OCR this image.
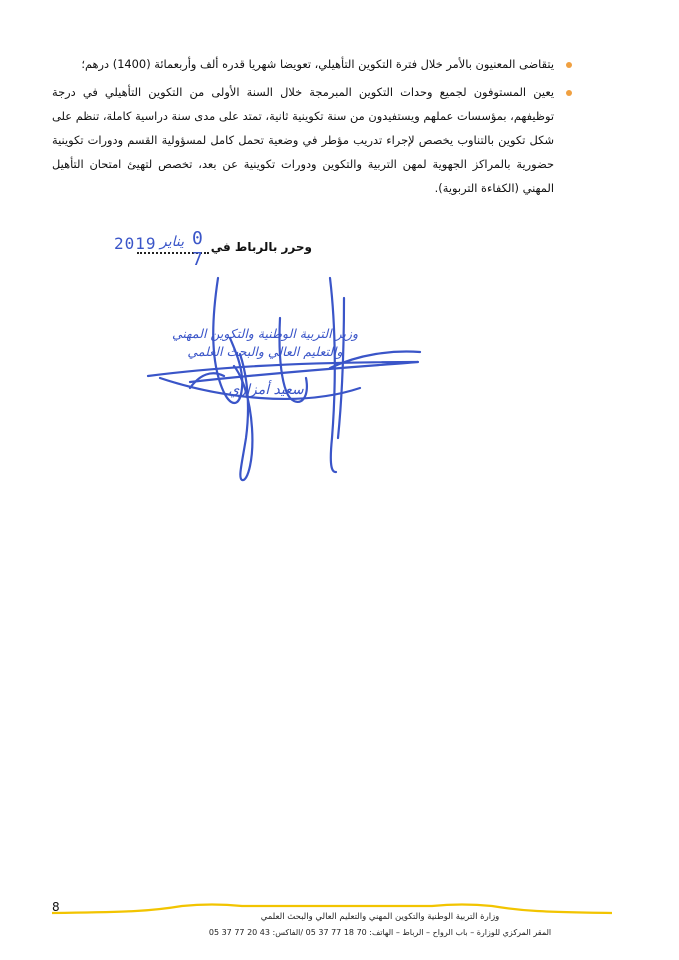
يتقاضى المعنيون بالأمر خلال فترة التكوين التأهيلي، تعويضا شهريا قدره ألف وأربعمائة (1400) درهم؛
يعين المستوفون لجميع وحدات التكوين المبرمجة خلال السنة الأولى من التكوين التأهيلي في درجة توظيفهم، بمؤسسات عملهم ويستفيدون من سنة تكوينية ثانية، تمتد على مدى سنة دراسية كاملة، تنظم على شكل تكوين بالتناوب يخصص لإجراء تدريب مؤطر في وضعية تحمل كامل لمسؤولية القسم ودورات تكوينية حضورية بالمراكز الجهوية لمهن التربية والتكوين ودورات تكوينية عن بعد، تخصص لتهيئ امتحان التأهيل المهني (الكفاءة التربوية).
وحرر بالرباط في
2019 يناير 0 7
وزير التربية الوطنية والتكوين المهني
والتعليم العالي والبحث العلمي
سعيد أمزازي
8
وزارة التربية الوطنية والتكوين المهني والتعليم العالي والبحث العلمي
المقر المركزي للوزارة – باب الرواح – الرباط – الهاتف: 70 18 77 37 05 /الفاكس: 43 20 77 37 05
